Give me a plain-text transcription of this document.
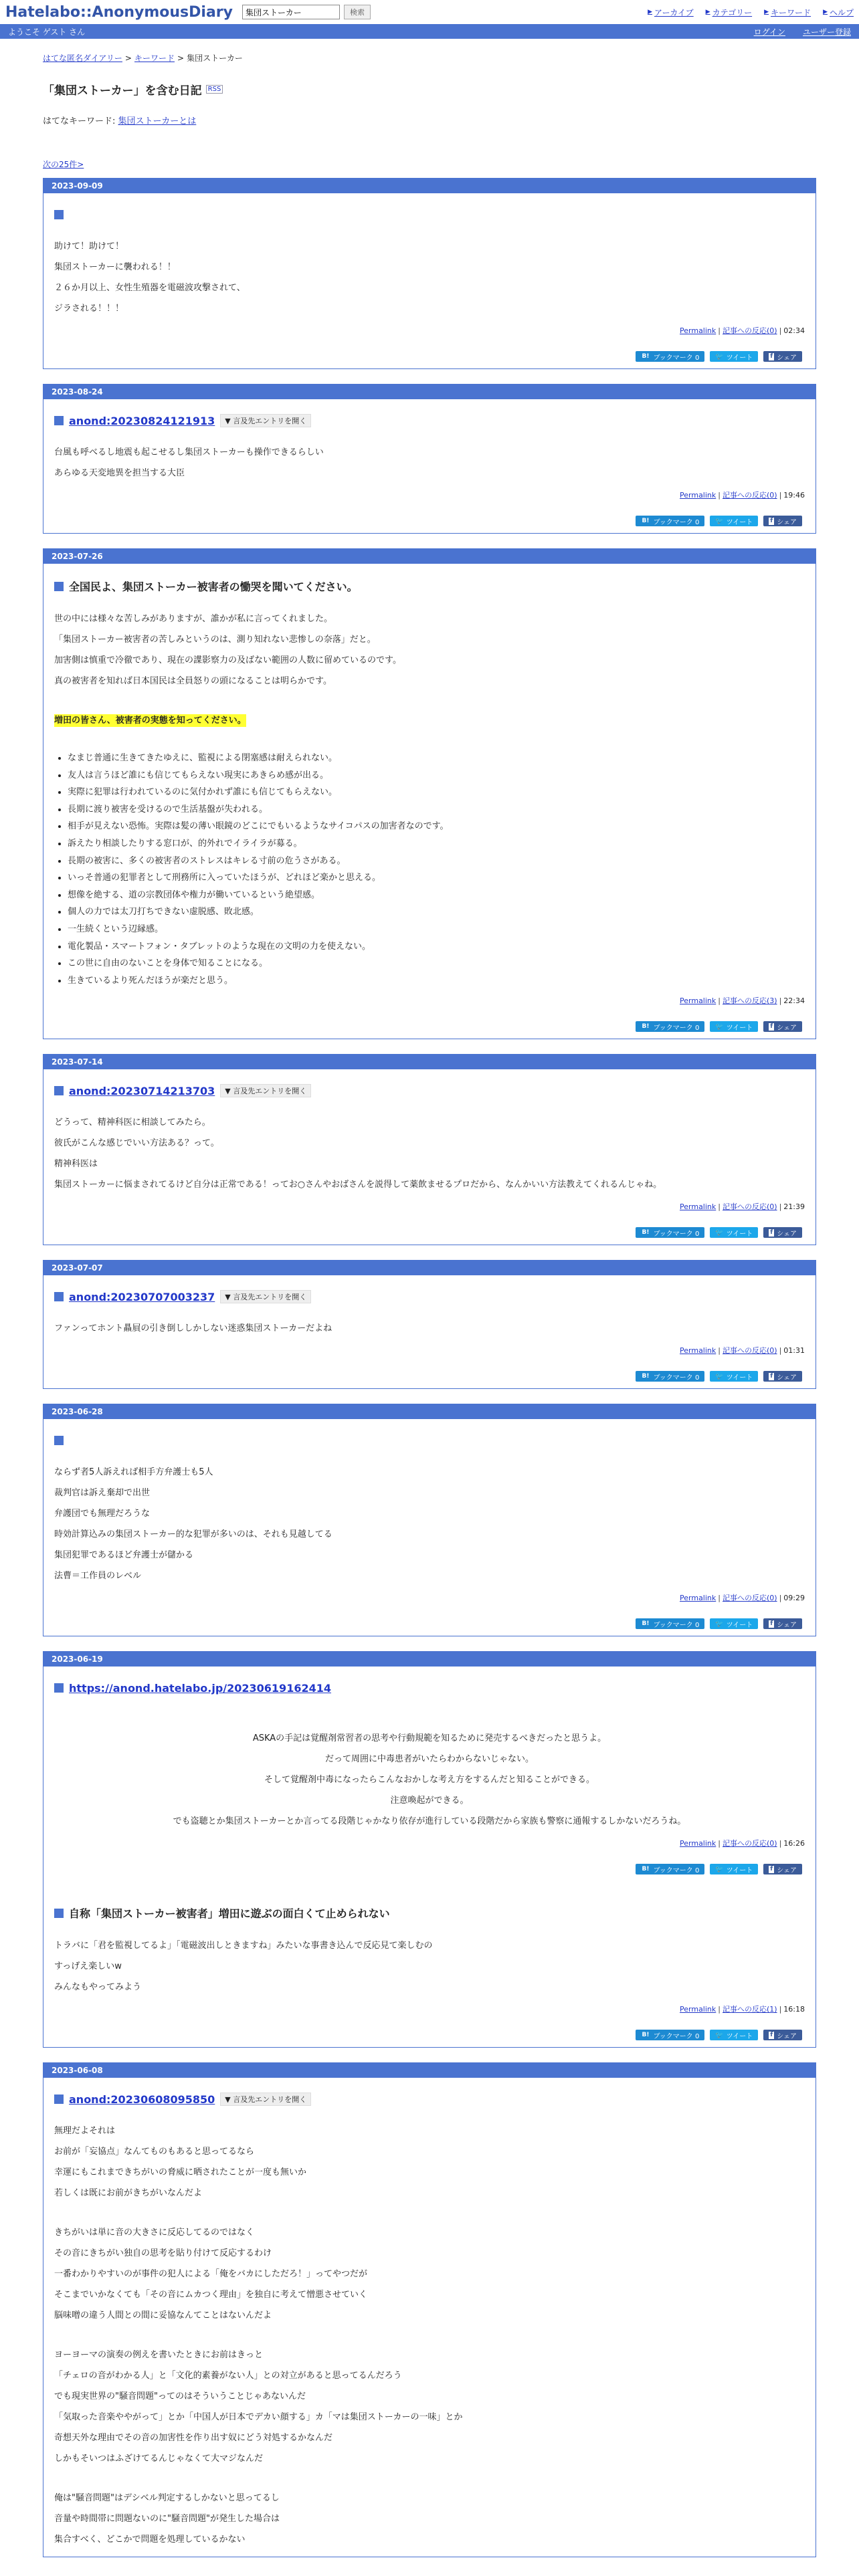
Hatelabo::AnonymousDiary
集団ストーカー	検索	▶ アーカイブ ▶ カテゴリー ▶ キーワード ▶ ヘルプ
ようこそ ゲスト さん	ログイン ユーザー登録
はてな匿名ダイアリー > キーワード > 集団ストーカー
「集団ストーカー」を含む日記 RSS
はてなキーワード: 集団ストーカーとは
次の25件>
2023-09-09

助けて！助けて！

集団ストーカーに襲われる！！

２６か月以上、女性生殖器を電磁波攻撃されて、

ジラされる！！！

Permalink | 記事への反応(0) | 02:34
B! ブックマーク 0 🐦 ツイート	f シェア
2023-08-24
anond:20230824121913	▼ 言及先エントリを開く

台風も呼べるし地震も起こせるし集団ストーカーも操作できるらしい

あらゆる天変地異を担当する大臣

Permalink | 記事への反応(0) | 19:46
B! ブックマーク 0 🐦 ツイート	f シェア
2023-07-26
全国民よ、集団ストーカー被害者の慟哭を聞いてください。

世の中には様々な苦しみがありますが、誰かが私に言ってくれました。

「集団ストーカー被害者の苦しみというのは、測り知れない悲惨しの奈落」だと。

加害側は慎重で冷徹であり、現在の諜影察力の及ばない範囲の人数に留めているのです。

真の被害者を知れば日本国民は全員怒りの頭になることは明らかです。

増田の皆さん、被害者の実態を知ってください。

• なまじ普通に生きてきたゆえに、監視による閉塞感は耐えられない。
• 友人は言うほど誰にも信じてもらえない現実にあきらめ感が出る。
• 実際に犯罪は行われているのに気付かれず誰にも信じてもらえない。
• 長期に渡り被害を受けるので生活基盤が失われる。
• 相手が見えない恐怖。実際は髪の薄い眼鏡のどこにでもいるようなサイコパスの加害者なのです。
• 訴えたり相談したりする窓口が、的外れでイライラが募る。
• 長期の被害に、多くの被害者のストレスはキレる寸前の危うさがある。
• いっそ普通の犯罪者として刑務所に入っていたほうが、どれほど楽かと思える。
• 想像を絶する、道の宗教団体や権力が働いているという絶望感。
• 個人の力では太刀打ちできない虚脱感、敗北感。
• 一生続くという辺縁感。
• 電化製品・スマートフォン・タブレットのような現在の文明の力を使えない。
• この世に自由のないことを身体で知ることになる。
• 生きているより死んだほうが楽だと思う。
Permalink | 記事への反応(3) | 22:34
B! ブックマーク 0 🐦 ツイート	f シェア
2023-07-14
anond:20230714213703	▼ 言及先エントリを開く

どうって、精神科医に相談してみたら。

彼氏がこんな感じでいい方法ある？って。

精神科医は

集団ストーカーに悩まされてるけど自分は正常である！ってお○さんやおばさんを説得して薬飲ませるプロだから、なんかいい方法教えてくれるんじゃね。

Permalink | 記事への反応(0) | 21:39
B! ブックマーク 0 🐦 ツイート	f シェア
2023-07-07
anond:20230707003237	▼ 言及先エントリを開く

ファンってホント贔屓の引き倒ししかしない迷惑集団ストーカーだよね

Permalink | 記事への反応(0) | 01:31
B! ブックマーク 0 🐦 ツイート	f シェア
2023-06-28

ならず者5人訴えれば相手方弁護士も5人

裁判官は訴え棄却で出世

弁護団でも無理だろうな

時効計算込みの集団ストーカー的な犯罪が多いのは、それも見越してる

集団犯罪であるほど弁護士が儲かる

法曹＝工作員のレベル

Permalink | 記事への反応(0) | 09:29
B! ブックマーク 0 🐦 ツイート	f シェア
2023-06-19
https://anond.hatelabo.jp/20230619162414

ASKAの手記は覚醒剤常習者の思考や行動規範を知るために発売するべきだったと思うよ。

だって周囲に中毒患者がいたらわからないじゃない。

そして覚醒剤中毒になったらこんなおかしな考え方をするんだと知ることができる。

注意喚起ができる。

でも盗聴とか集団ストーカーとか言ってる段階じゃかなり依存が進行している段階だから家族も警察に通報するしかないだろうね。

Permalink | 記事への反応(0) | 16:26
B! ブックマーク 0 🐦 ツイート	f シェア
自称「集団ストーカー被害者」増田に遊ぶの面白くて止められない

トラバに「君を監視してるよ」「電磁波出しときますね」みたいな事書き込んで反応見て楽しむの

すっげえ楽しいw

みんなもやってみよう

Permalink | 記事への反応(1) | 16:18
B! ブックマーク 0 🐦 ツイート	f シェア
2023-06-08
anond:20230608095850	▼ 言及先エントリを開く

無理だよそれは

お前が「妄協点」なんてものもあると思ってるなら

幸運にもこれまできちがいの脅威に晒されたことが一度も無いか

若しくは既にお前がきちがいなんだよ

きちがいは単に音の大きさに反応してるのではなく

その音にきちがい独自の思考を貼り付けて反応するわけ

一番わかりやすいのが事件の犯人による「俺をバカにしただろ！」ってやつだが

そこまでいかなくても「その音にムカつく理由」を独自に考えて憎悪させていく

脳味噌の違う人間との間に妥協なんてことはないんだよ

ヨーヨーマの演奏の例えを書いたときにお前はきっと

「チェロの音がわかる人」と「文化的素養がない人」との対立があると思ってるんだろう

でも現実世界の"騒音問題"ってのはそういうことじゃあないんだ

「気取った音楽ややがって」とか「中国人が日本でデカい顔する」カ「マは集団ストーカーの一味」とか

奇想天外な理由でその音の加害性を作り出す奴にどう対処するかなんだ

しかもそいつはふざけてるんじゃなくて大マジなんだ

俺は"騒音問題"はデシベル判定するしかないと思ってるし

音量や時間帯に問題ないのに"騒音問題"が発生した場合は

集合すべく、どこかで問題を処理しているかない
